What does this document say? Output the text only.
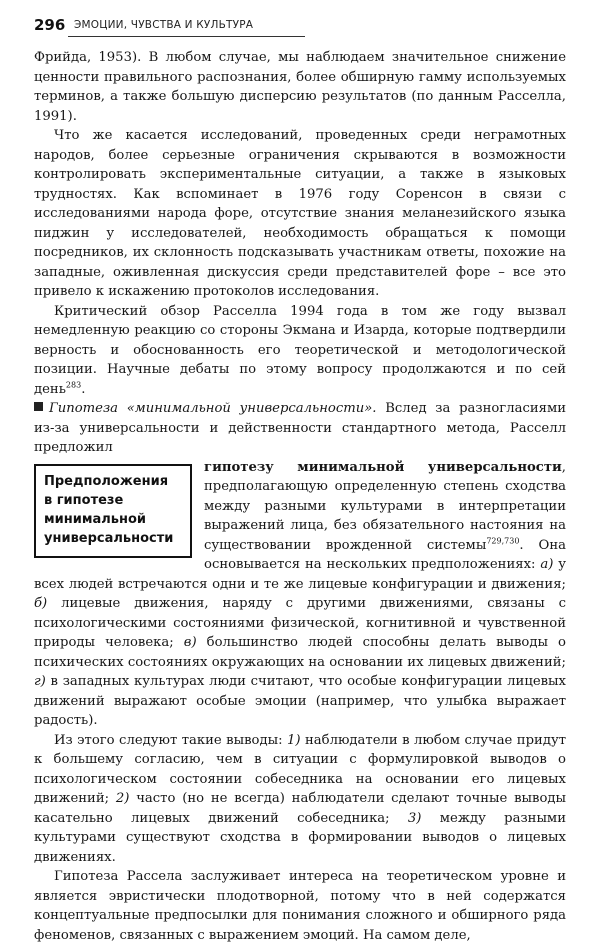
296 ЭМОЦИИ, ЧУВСТВА И КУЛЬТУРА

Фрийда, 1953). В любом случае, мы наблюдаем значительное снижение ценности правильного распознания, более обширную гамму используемых терминов, а также большую дисперсию результатов (по данным Расселла, 1991).

Что же касается исследований, проведенных среди неграмотных народов, более серьезные ограничения скрываются в возможности контролировать экспериментальные ситуации, а также в языковых трудностях. Как вспоминает в 1976 году Соренсон в связи с исследованиями народа форе, отсутствие знания меланезийского языка пиджин у исследователей, необходимость обращаться к помощи посредников, их склонность подсказывать участникам ответы, похожие на западные, оживленная дискуссия среди представителей форе – все это привело к искажению протоколов исследования.

Критический обзор Расселла 1994 года в том же году вызвал немедленную реакцию со стороны Экмана и Изарда, которые подтвердили верность и обоснованность его теоретической и методологической позиции. Научные дебаты по этому вопросу продолжаются и по сей день$^{283}$.

Гипотеза «минимальной универсальности». Вслед за разногласиями из-за универсальности и действенности стандартного метода, Расселл предложил

Предположения
в гипотезе
минимальной
универсальности
гипотезу минимальной универсальности, предполагающую определенную степень сходства между разными культурами в интерпретации выражений лица, без обязательного настояния на существовании врожденной системы$^{729,730}$. Она основывается на нескольких предположениях: а) у всех людей встречаются одни и те же лицевые конфигурации и движения; б) лицевые движения, наряду с другими движениями, связаны с психологическими состояниями физической, когнитивной и чувственной природы человека; в) большинство людей способны делать выводы о психических состояниях окружающих на основании их лицевых движений; г) в западных культурах люди считают, что особые конфигурации лицевых движений выражают особые эмоции (например, что улыбка выражает радость).

Из этого следуют такие выводы: 1) наблюдатели в любом случае придут к большему согласию, чем в ситуации с формулировкой выводов о психологическом состоянии собеседника на основании его лицевых движений; 2) часто (но не всегда) наблюдатели сделают точные выводы касательно лицевых движений собеседника; 3) между разными культурами существуют сходства в формировании выводов о лицевых движениях.

Гипотеза Рассела заслуживает интереса на теоретическом уровне и является эвристически плодотворной, потому что в ней содержатся концептуальные предпосылки для понимания сложного и обширного ряда феноменов, связанных с выражением эмоций. На самом деле,
